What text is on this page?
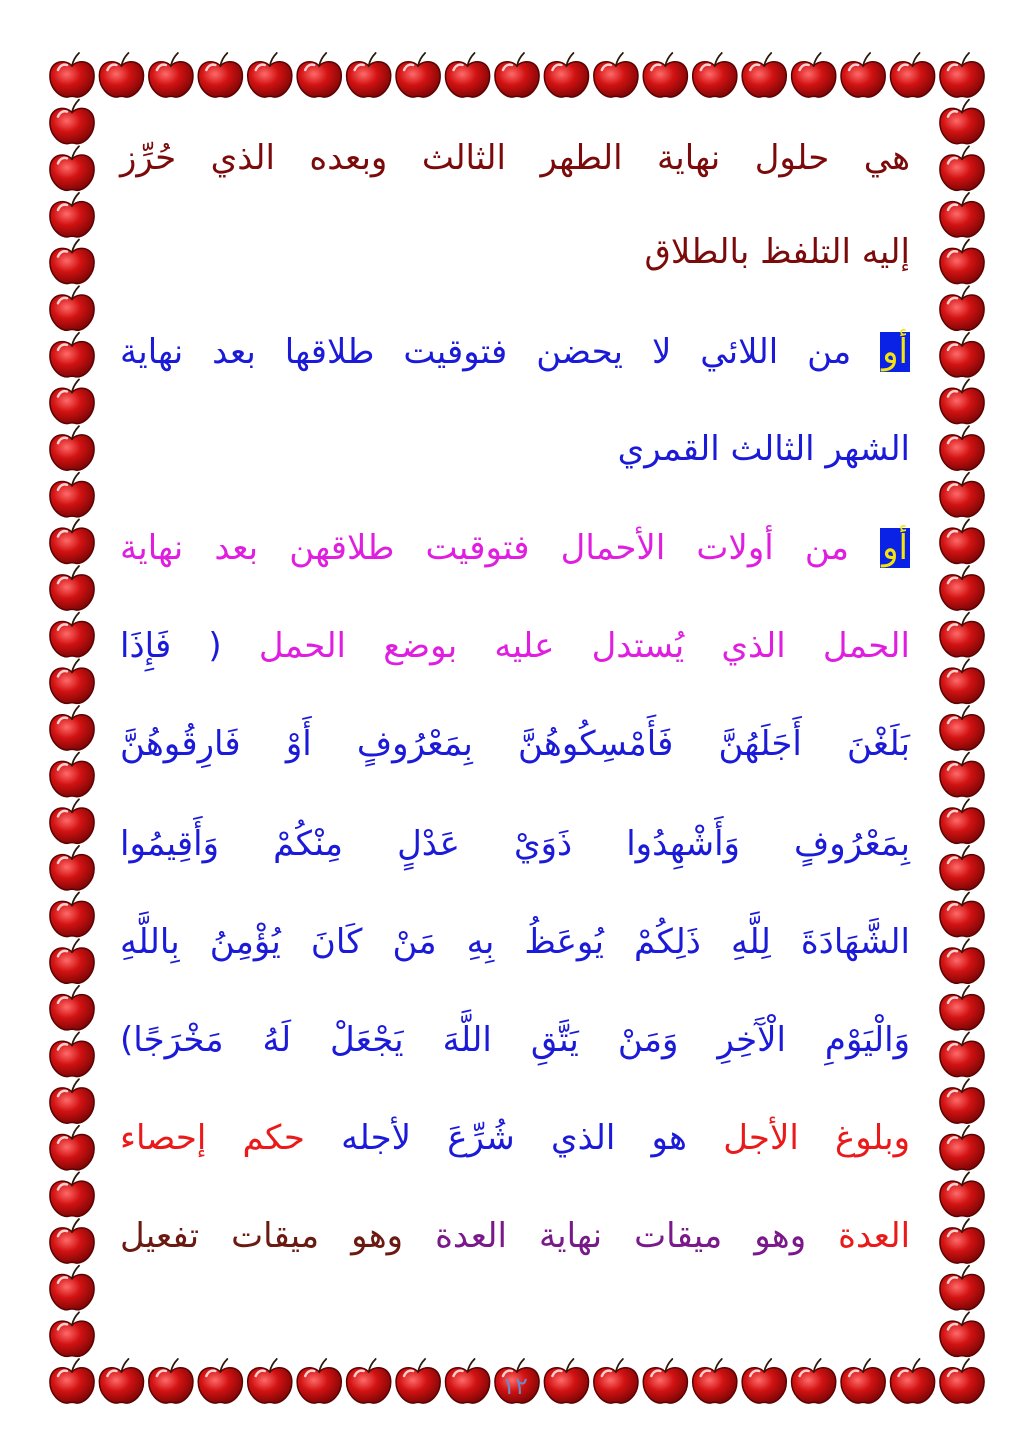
هي حلول نهاية الطهر الثالث وبعده الذي حُرِّز
إليه التلفظ بالطلاق
أو من اللائي لا يحضن فتوقيت طلاقها بعد نهاية
الشهر الثالث القمري
أو من أولات الأحمال فتوقيت طلاقهن بعد نهاية
الحمل الذي يُستدل عليه بوضع الحمل ( فَإِذَا
بَلَغْنَ أَجَلَهُنَّ فَأَمْسِكُوهُنَّ بِمَعْرُوفٍ أَوْ فَارِقُوهُنَّ
بِمَعْرُوفٍ وَأَشْهِدُوا ذَوَيْ عَدْلٍ مِنْكُمْ وَأَقِيمُوا
الشَّهَادَةَ لِلَّهِ ذَلِكُمْ يُوعَظُ بِهِ مَنْ كَانَ يُؤْمِنُ بِاللَّهِ
وَالْيَوْمِ الْآَخِرِ وَمَنْ يَتَّقِ اللَّهَ يَجْعَلْ لَهُ مَخْرَجًا)
وبلوغ الأجل هو الذي شُرِّعَ لأجله حكم إحصاء
العدة وهو ميقات نهاية العدة وهو ميقات تفعيل
١٢
